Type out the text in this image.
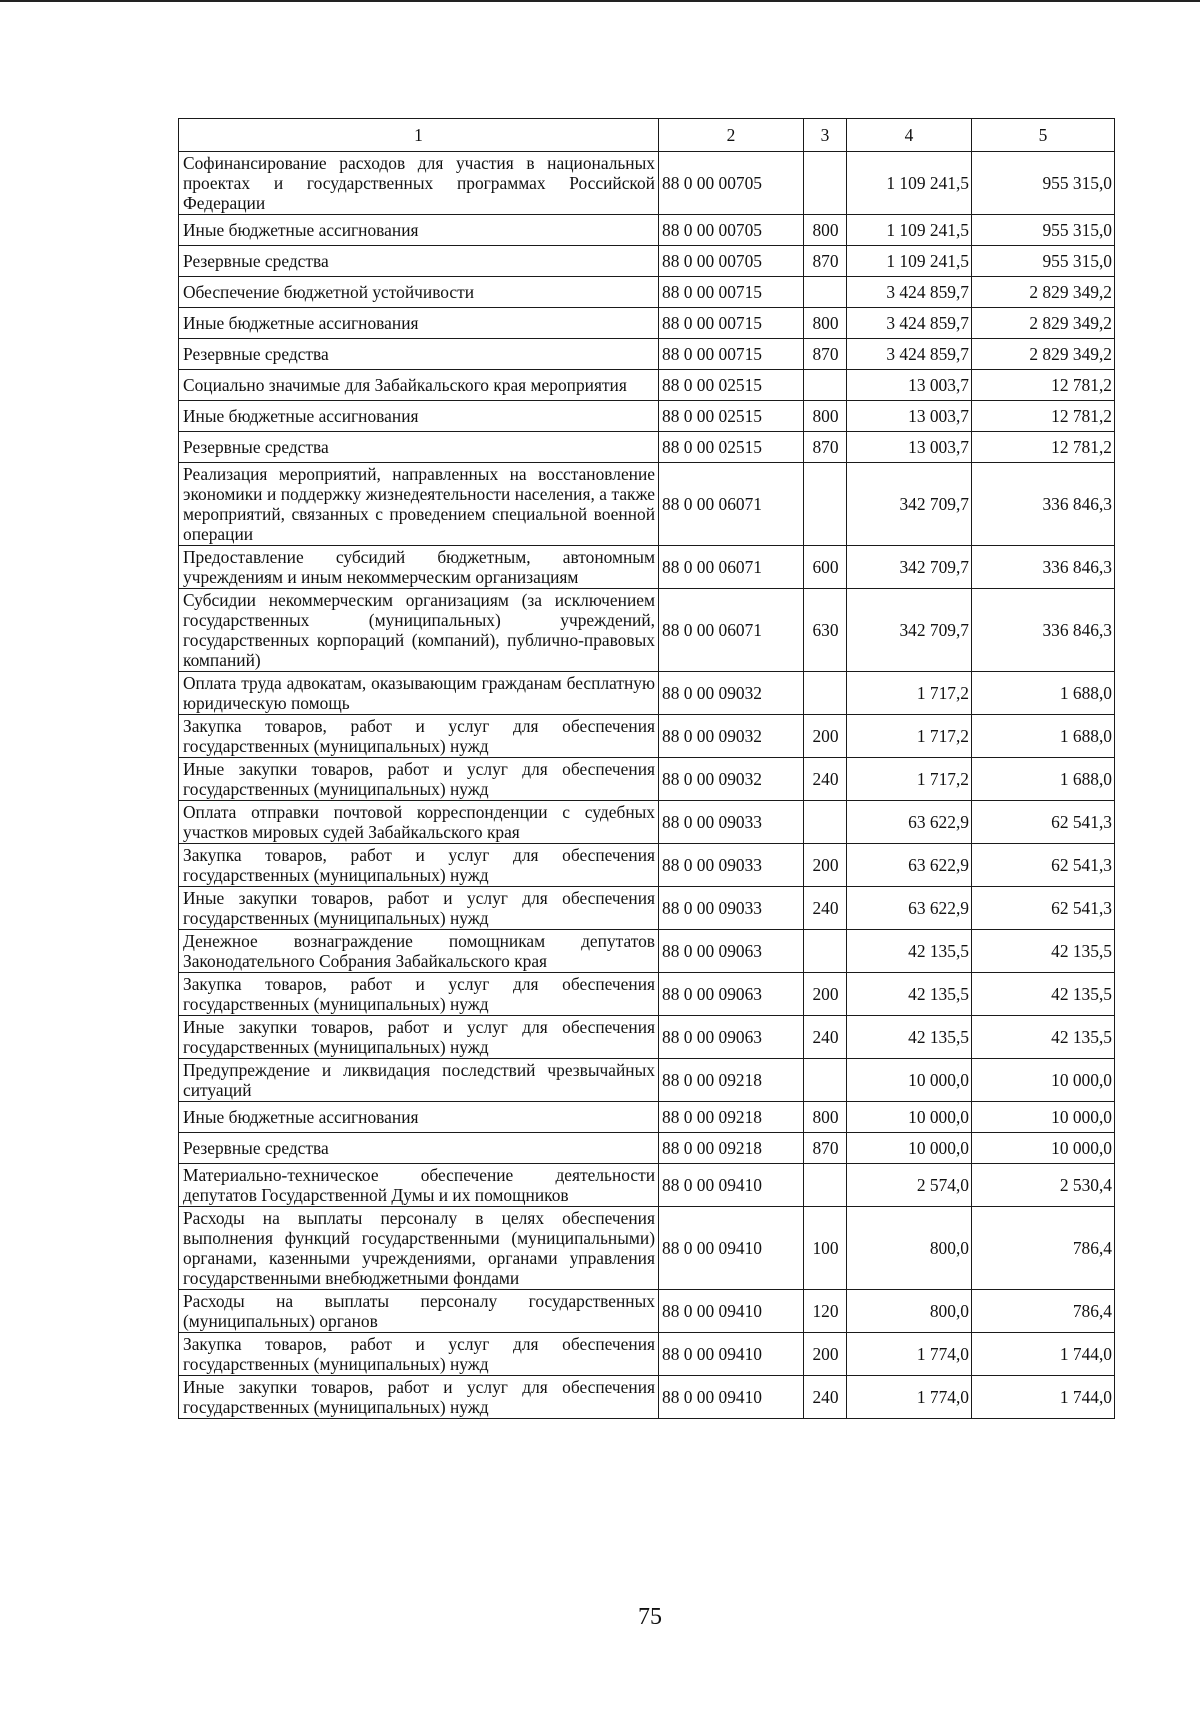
1	2	3	4	5
Софинансирование расходов для участия в национальных проектах и государственных программах Российской Федерации	88 0 00 00705		1 109 241,5	955 315,0
Иные бюджетные ассигнования	88 0 00 00705	800	1 109 241,5	955 315,0
Резервные средства	88 0 00 00705	870	1 109 241,5	955 315,0
Обеспечение бюджетной устойчивости	88 0 00 00715		3 424 859,7	2 829 349,2
Иные бюджетные ассигнования	88 0 00 00715	800	3 424 859,7	2 829 349,2
Резервные средства	88 0 00 00715	870	3 424 859,7	2 829 349,2
Социально значимые для Забайкальского края мероприятия	88 0 00 02515		13 003,7	12 781,2
Иные бюджетные ассигнования	88 0 00 02515	800	13 003,7	12 781,2
Резервные средства	88 0 00 02515	870	13 003,7	12 781,2
Реализация мероприятий, направленных на восстановление экономики и поддержку жизнедеятельности населения, а также мероприятий, связанных с проведением специальной военной операции	88 0 00 06071		342 709,7	336 846,3
Предоставление субсидий бюджетным, автономным учреждениям и иным некоммерческим организациям	88 0 00 06071	600	342 709,7	336 846,3
Субсидии некоммерческим организациям (за исключением государственных (муниципальных) учреждений, государственных корпораций (компаний), публично-правовых компаний)	88 0 00 06071	630	342 709,7	336 846,3
Оплата труда адвокатам, оказывающим гражданам бесплатную юридическую помощь	88 0 00 09032		1 717,2	1 688,0
Закупка товаров, работ и услуг для обеспечения государственных (муниципальных) нужд	88 0 00 09032	200	1 717,2	1 688,0
Иные закупки товаров, работ и услуг для обеспечения государственных (муниципальных) нужд	88 0 00 09032	240	1 717,2	1 688,0
Оплата отправки почтовой корреспонденции с судебных участков мировых судей Забайкальского края	88 0 00 09033		63 622,9	62 541,3
Закупка товаров, работ и услуг для обеспечения государственных (муниципальных) нужд	88 0 00 09033	200	63 622,9	62 541,3
Иные закупки товаров, работ и услуг для обеспечения государственных (муниципальных) нужд	88 0 00 09033	240	63 622,9	62 541,3
Денежное вознаграждение помощникам депутатов Законодательного Собрания Забайкальского края	88 0 00 09063		42 135,5	42 135,5
Закупка товаров, работ и услуг для обеспечения государственных (муниципальных) нужд	88 0 00 09063	200	42 135,5	42 135,5
Иные закупки товаров, работ и услуг для обеспечения государственных (муниципальных) нужд	88 0 00 09063	240	42 135,5	42 135,5
Предупреждение и ликвидация последствий чрезвычайных ситуаций	88 0 00 09218		10 000,0	10 000,0
Иные бюджетные ассигнования	88 0 00 09218	800	10 000,0	10 000,0
Резервные средства	88 0 00 09218	870	10 000,0	10 000,0
Материально-техническое обеспечение деятельности депутатов Государственной Думы и их помощников	88 0 00 09410		2 574,0	2 530,4
Расходы на выплаты персоналу в целях обеспечения выполнения функций государственными (муниципальными) органами, казенными учреждениями, органами управления государственными внебюджетными фондами	88 0 00 09410	100	800,0	786,4
Расходы на выплаты персоналу государственных (муниципальных) органов	88 0 00 09410	120	800,0	786,4
Закупка товаров, работ и услуг для обеспечения государственных (муниципальных) нужд	88 0 00 09410	200	1 774,0	1 744,0
Иные закупки товаров, работ и услуг для обеспечения государственных (муниципальных) нужд	88 0 00 09410	240	1 774,0	1 744,0
75
